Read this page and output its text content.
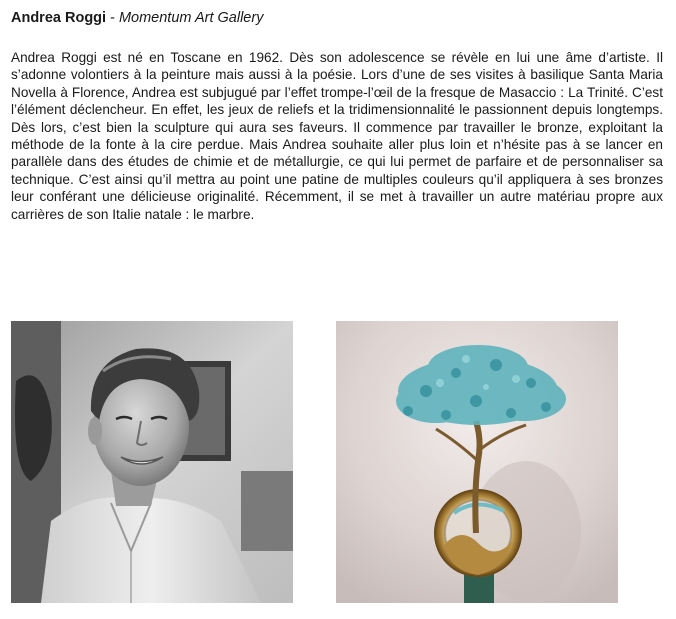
Andrea Roggi - Momentum Art Gallery

Andrea Roggi est né en Toscane en 1962. Dès son adolescence se révèle en lui une âme d’artiste. Il s’adonne volontiers à la peinture mais aussi à la poésie. Lors d’une de ses visites à basilique Santa Maria Novella à Florence, Andrea est subjugué par l’effet trompe-l’œil de la fresque de Masaccio : La Trinité. C’est l’élément déclencheur. En effet, les jeux de reliefs et la tridimensionnalité le passionnent depuis longtemps. Dès lors, c’est bien la sculpture qui aura ses faveurs. Il commence par travailler le bronze, exploitant la méthode de la fonte à la cire perdue. Mais Andrea souhaite aller plus loin et n’hésite pas à se lancer en parallèle dans des études de chimie et de métallurgie, ce qui lui permet de parfaire et de personnaliser sa technique. C’est ainsi qu’il mettra au point une patine de multiples couleurs qu’il appliquera à ses bronzes leur conférant une délicieuse originalité. Récemment, il se met à travailler un autre matériau propre aux carrières de son Italie natale : le marbre.
